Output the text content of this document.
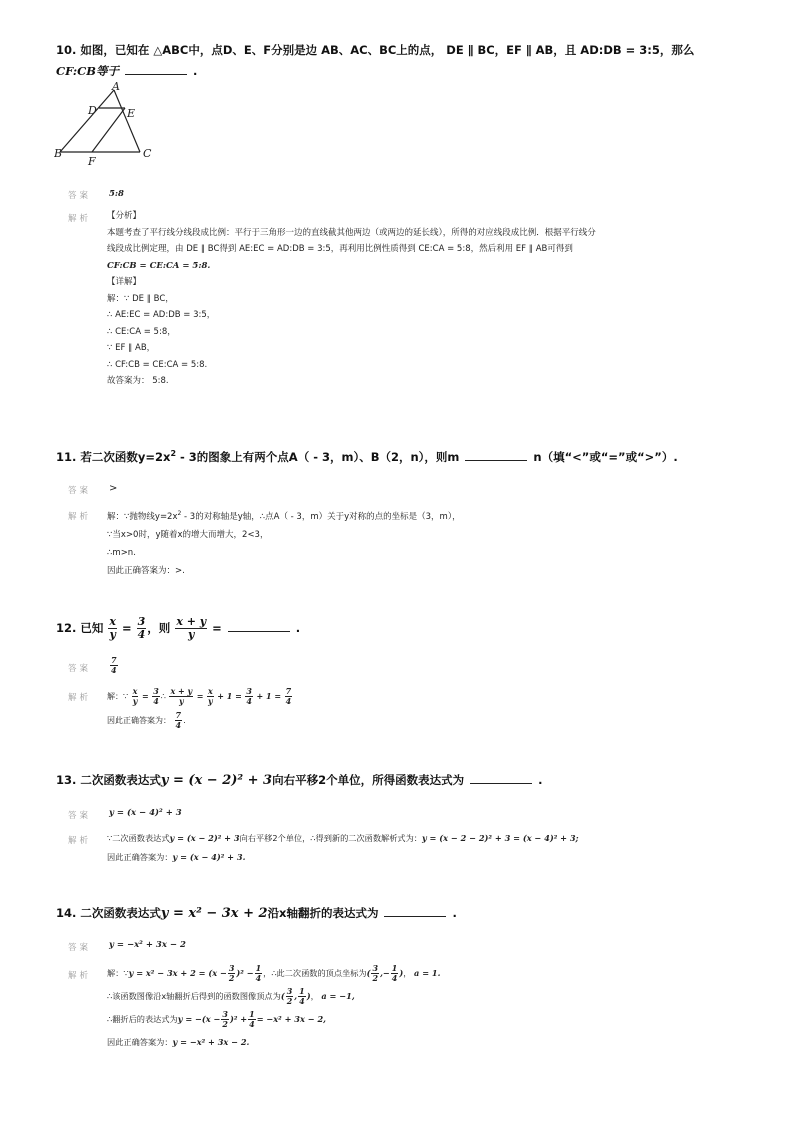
10. 如图，已知在 △ABC中，点D、E、F分别是边 AB、AC、BC上的点， DE ∥ BC，EF ∥ AB，且 AD:DB = 3:5，那么
CF:CB等于	.
A
B	C
D	E
F
答案 5:8
解析 【分析】
本题考查了平行线分线段成比例：平行于三角形一边的直线截其他两边（或两边的延长线），所得的对应线段成比例．根据平行线分
线段成比例定理，由 DE ∥ BC得到 AE:EC = AD:DB = 3:5，再利用比例性质得到 CE:CA = 5:8，然后利用 EF ∥ AB可得到
CF:CB = CE:CA = 5:8.
【详解】
解：∵ DE ∥ BC，
∴ AE:EC = AD:DB = 3:5，
∴ CE:CA = 5:8，
∵ EF ∥ AB，
∴ CF:CB = CE:CA = 5:8.
故答案为： 5:8.
11. 若二次函数$y=2x^2 - 3$的图象上有两个点A（ - 3，m）、B（2，n），则m	n（填“<”或“=”或“>”）.
答案 >
解析 解：∵抛物线$y=2x^2 - 3$的对称轴是y轴，∴点A（ - 3，m）关于y对称的点的坐标是（3，m），
∵当x>0时，y随着x的增大而增大，2<3，
∴m>n.
因此正确答案为：>.
12. 已知 $\frac{x}{y} = \frac{3}{4}$ ，则 $\frac{x + y}{y}$ =	.
答案 $\frac{7}{4}$
解析 解：∵ $\frac{x}{y} = \frac{3}{4}$ ∴ $\frac{x + y}{y} = \frac{x}{y} + 1 = \frac{3}{4} + 1 = \frac{7}{4}$
因此正确答案为： $\frac{7}{4}$ .
13. 二次函数表达式y = (x − 2)² + 3向右平移2个单位，所得函数表达式为	.
答案 y = (x − 4)² + 3
解析 ∵二次函数表达式y = (x − 2)² + 3向右平移2个单位，∴得到新的二次函数解析式为：y = (x − 2 − 2)² + 3 = (x − 4)² + 3;
因此正确答案为：y = (x − 4)² + 3.
14. 二次函数表达式y = x² − 3x + 2沿x轴翻折的表达式为	.
答案 y = −x² + 3x − 2
解析 解：∵y = $x^2 - 3x + 2 = (x - \frac{3}{2} )^2 - \frac{1}{4}$ ，∴此二次函数的顶点坐标为( $\frac{3}{2}$ ,− $\frac{1}{4}$ )， a = 1.
∴该函数图像沿x轴翻折后得到的函数图像顶点为( $\frac{3}{2}$ , $\frac{1}{4}$ )， a = −1,
∴翻折后的表达式为$y = -(x - \frac{3}{2} )^2 + \frac{1}{4} = -x^2 + 3x - 2$,
因此正确答案为：y = −x² + 3x − 2.
